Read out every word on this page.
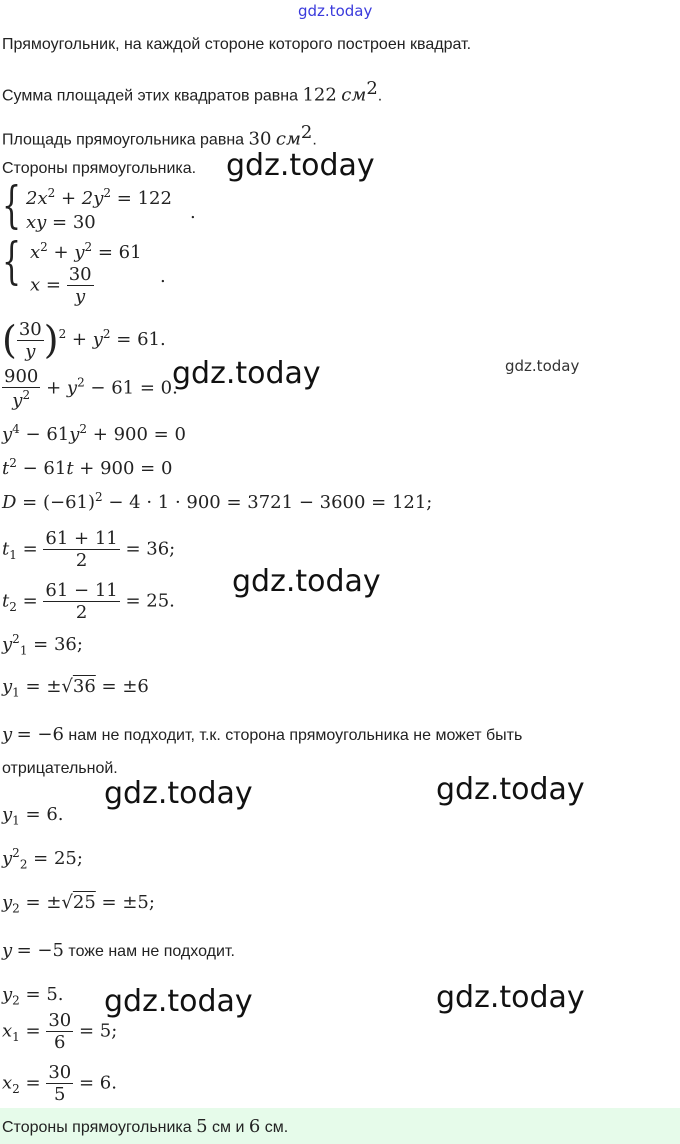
gdz.today
Прямоугольник, на каждой стороне которого построен квадрат.
Сумма площадей этих квадратов равна 122 $см^2$.
Площадь прямоугольника равна 30 $см^2$.
Стороны прямоугольника. gdz.today
{ $2x^2 + 2y^2 = 122$
xy = 30	.
{ $x^2 + y^2 = 61$
$x = \frac{30}{y}$	.
( $\frac{30}{y} )^2 + y^2 = 61$.
gdz.today
$\frac{900}{y^2} + y^2 - 61 = 0$.
gdz.today
$y^4 - 61y^2 + 900 = 0$
$t^2 - 61t + 900 = 0$
$D = (-61)^2 - 4 \cdot 1 \cdot 900 = 3721 - 3600 = 121$;
$t_1 = \frac{61 + 11}{2} = 36$;
gdz.today
$t_2 = \frac{61 - 11}{2} = 25$.
$y^2_1 = 36$;
$y_1 = \pm√36 = \pm 6$
y = −6 нам не подходит, т.к. сторона прямоугольника не может быть
отрицательной.
gdz.today	gdz.today
$y_1 = 6$.
$y^2_2 = 25$;
$y_2 = \pm√25 = \pm 5$;
y = −5 тоже нам не подходит.
$y_2 = 5$. gdz.today	gdz.today
$x_1 = \frac{30}{6} = 5$;
$x_2 = \frac{30}{5} = 6$.
Стороны прямоугольника 5 см и 6 см.
